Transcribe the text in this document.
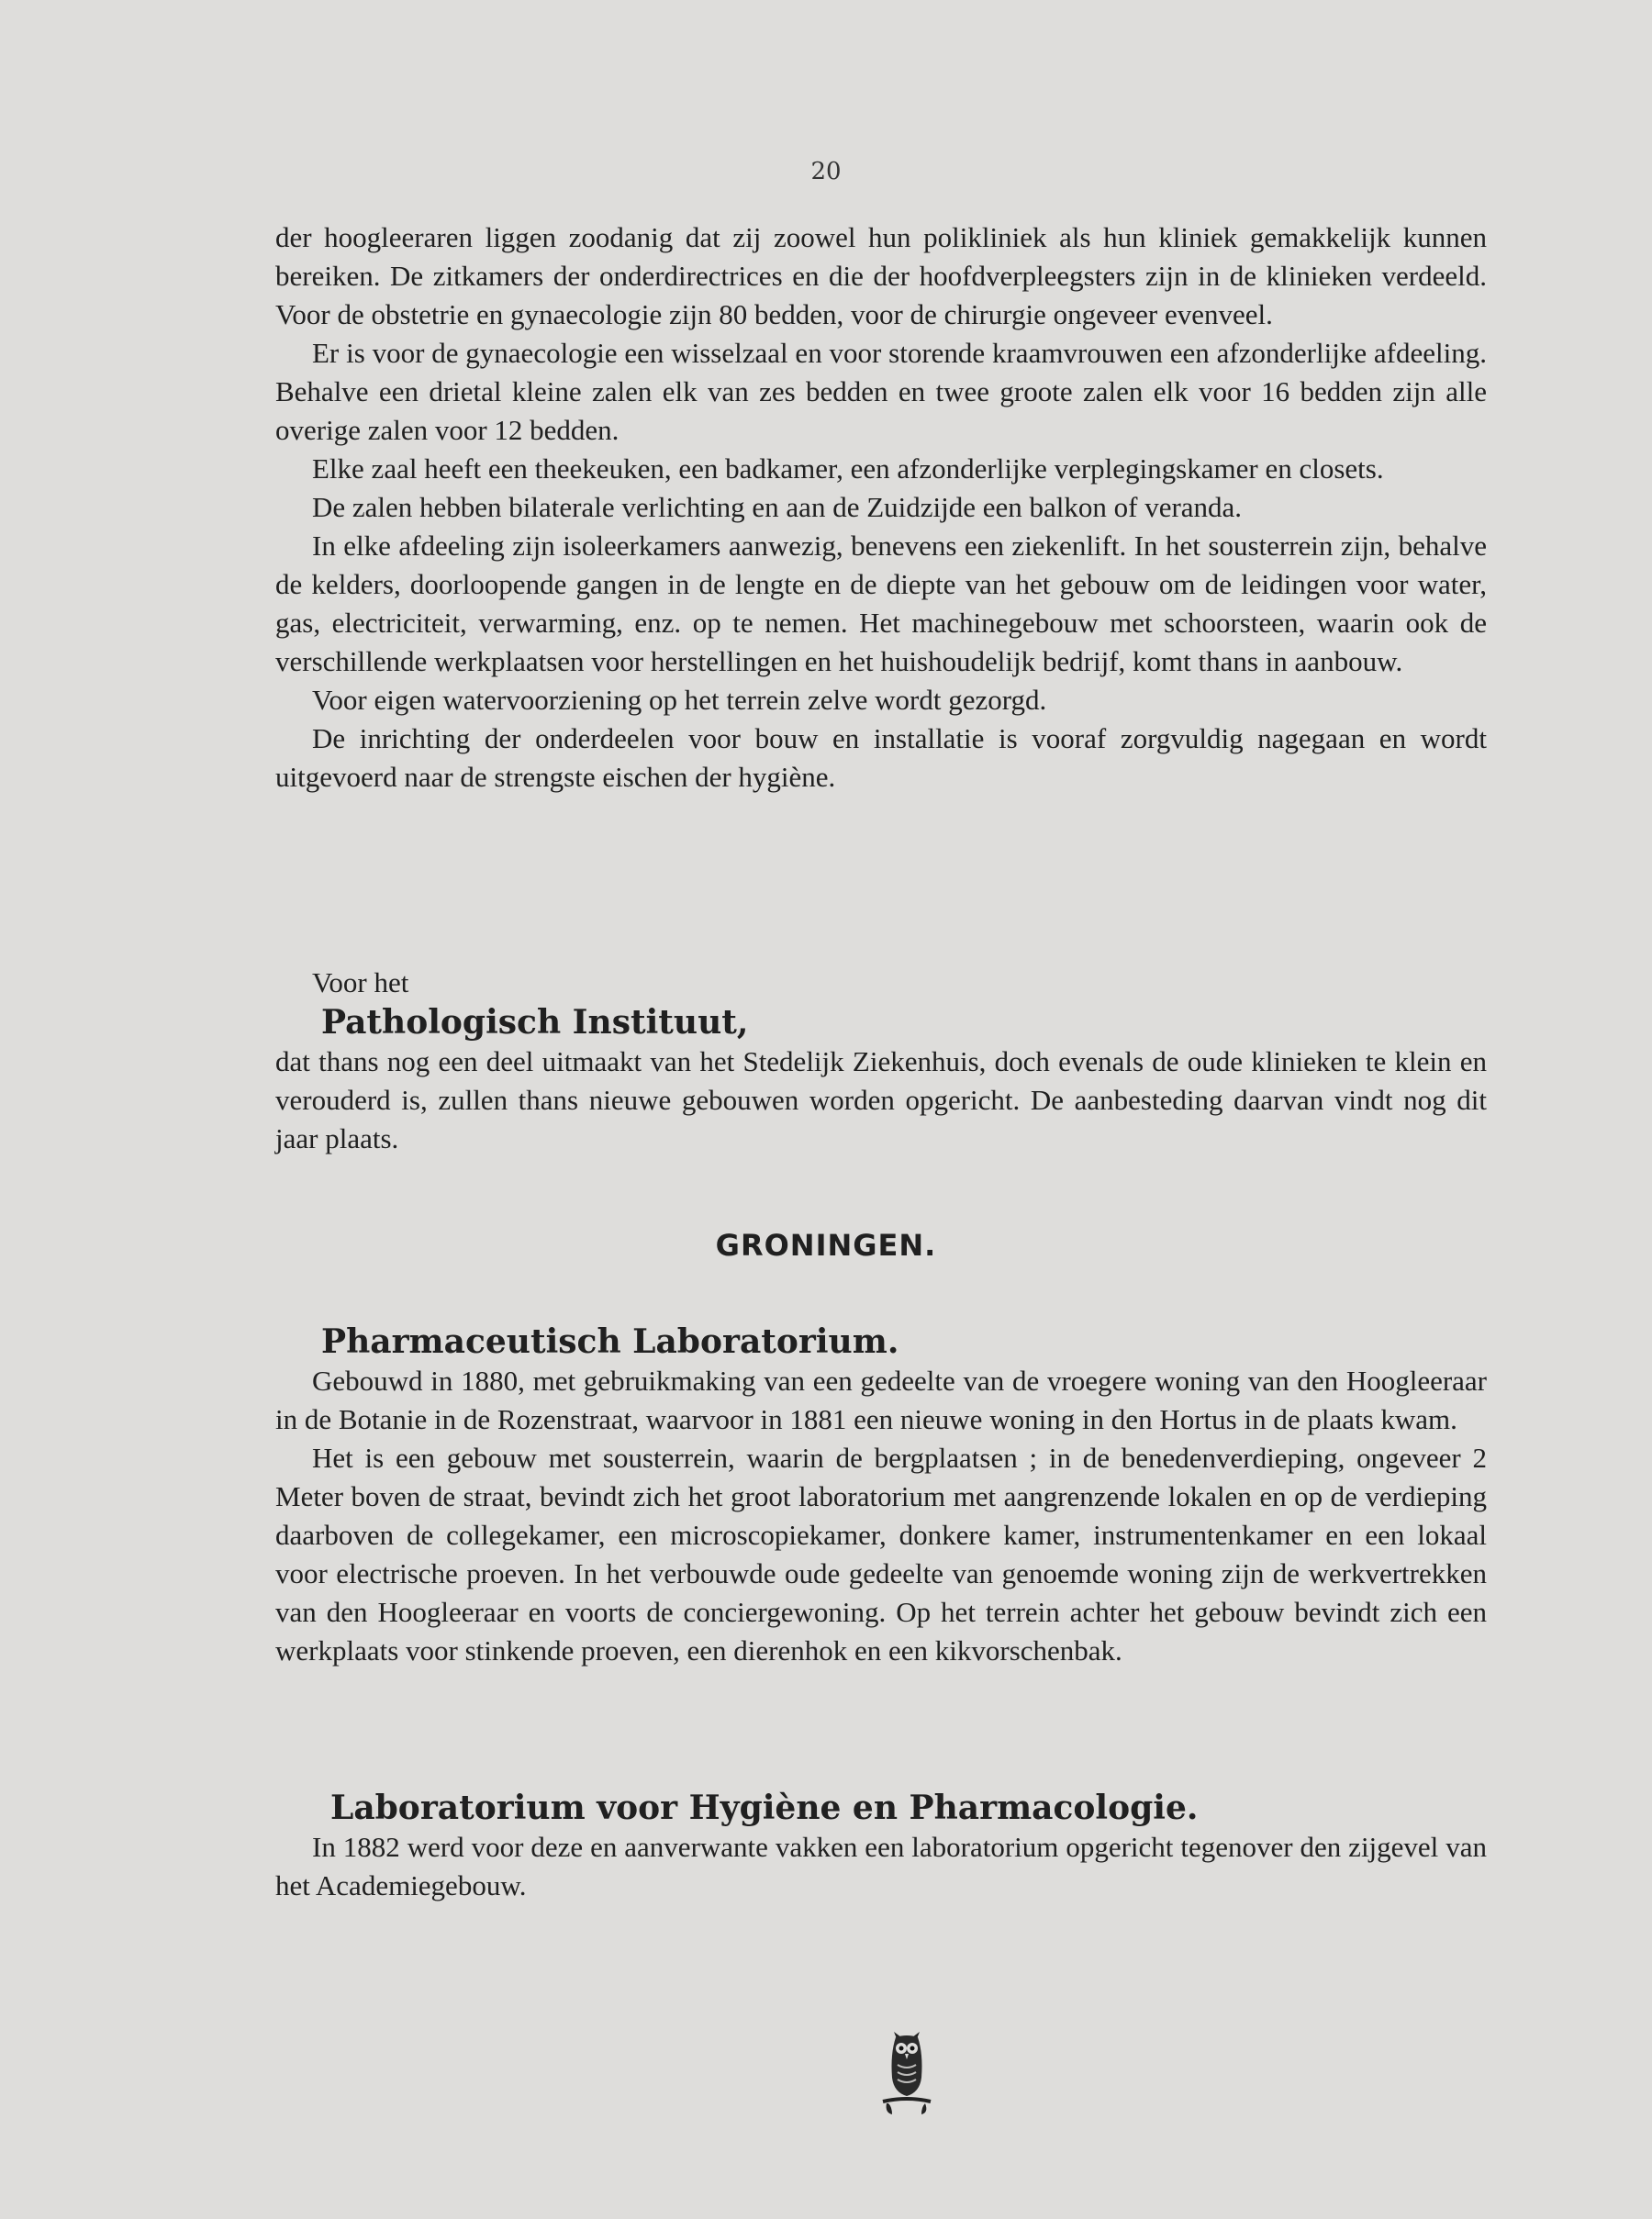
20

der hoogleeraren liggen zoodanig dat zij zoowel hun polikliniek als hun kliniek gemakkelijk kunnen bereiken. De zitkamers der onderdirectrices en die der hoofdverpleegsters zijn in de klinieken verdeeld. Voor de obstetrie en gynaecologie zijn 80 bedden, voor de chirurgie ongeveer evenveel.

Er is voor de gynaecologie een wisselzaal en voor storende kraamvrouwen een afzonderlijke afdeeling. Behalve een drietal kleine zalen elk van zes bedden en twee groote zalen elk voor 16 bedden zijn alle overige zalen voor 12 bedden.

Elke zaal heeft een theekeuken, een badkamer, een afzonderlijke verplegingskamer en closets.

De zalen hebben bilaterale verlichting en aan de Zuidzijde een balkon of veranda.

In elke afdeeling zijn isoleerkamers aanwezig, benevens een ziekenlift. In het sousterrein zijn, behalve de kelders, doorloopende gangen in de lengte en de diepte van het gebouw om de leidingen voor water, gas, electriciteit, verwarming, enz. op te nemen. Het machinegebouw met schoorsteen, waarin ook de verschillende werkplaatsen voor herstellingen en het huishoudelijk bedrijf, komt thans in aanbouw.

Voor eigen watervoorziening op het terrein zelve wordt gezorgd.

De inrichting der onderdeelen voor bouw en installatie is vooraf zorgvuldig nagegaan en wordt uitgevoerd naar de strengste eischen der hygiène.

Voor het

Pathologisch Instituut,

dat thans nog een deel uitmaakt van het Stedelijk Ziekenhuis, doch evenals de oude klinieken te klein en verouderd is, zullen thans nieuwe gebouwen worden opgericht. De aanbesteding daarvan vindt nog dit jaar plaats.

GRONINGEN.

Pharmaceutisch Laboratorium.

Gebouwd in 1880, met gebruikmaking van een gedeelte van de vroegere woning van den Hoogleeraar in de Botanie in de Rozenstraat, waarvoor in 1881 een nieuwe woning in den Hortus in de plaats kwam.

Het is een gebouw met sousterrein, waarin de bergplaatsen ; in de benedenverdieping, ongeveer 2 Meter boven de straat, bevindt zich het groot laboratorium met aangrenzende lokalen en op de verdieping daarboven de collegekamer, een microscopiekamer, donkere kamer, instrumentenkamer en een lokaal voor electrische proeven. In het verbouwde oude gedeelte van genoemde woning zijn de werkvertrekken van den Hoogleeraar en voorts de conciergewoning. Op het terrein achter het gebouw bevindt zich een werkplaats voor stinkende proeven, een dierenhok en een kikvorschenbak.

Laboratorium voor Hygiène en Pharmacologie.

In 1882 werd voor deze en aanverwante vakken een laboratorium opgericht tegenover den zijgevel van het Academiegebouw.
